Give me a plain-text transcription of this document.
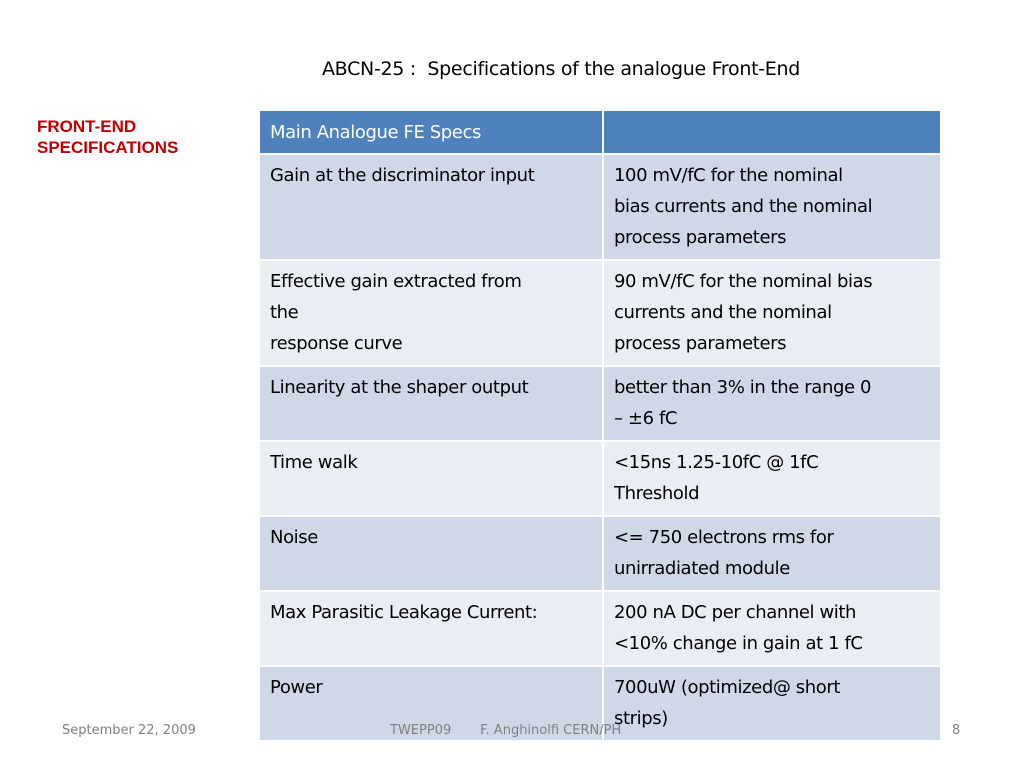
ABCN-25 :  Specifications of the analogue Front-End
FRONT-END
SPECIFICATIONS
Main Analogue FE Specs	

Gain at the discriminator input	100 mV/fC for the nominal
bias currents and the nominal
process parameters

Effective gain extracted from
the
response curve	90 mV/fC for the nominal bias
currents and the nominal
process parameters

Linearity at the shaper output	better than 3% in the range 0
– ±6 fC

Time walk	<15ns 1.25-10fC @ 1fC
Threshold

Noise	<= 750 electrons rms for
unirradiated module

Max Parasitic Leakage Current:	200 nA DC per channel with
<10% change in gain at 1 fC

Power	700uW (optimized@ short
strips)
September 22, 2009	TWEPP09       F. Anghinolfi CERN/PH	8
